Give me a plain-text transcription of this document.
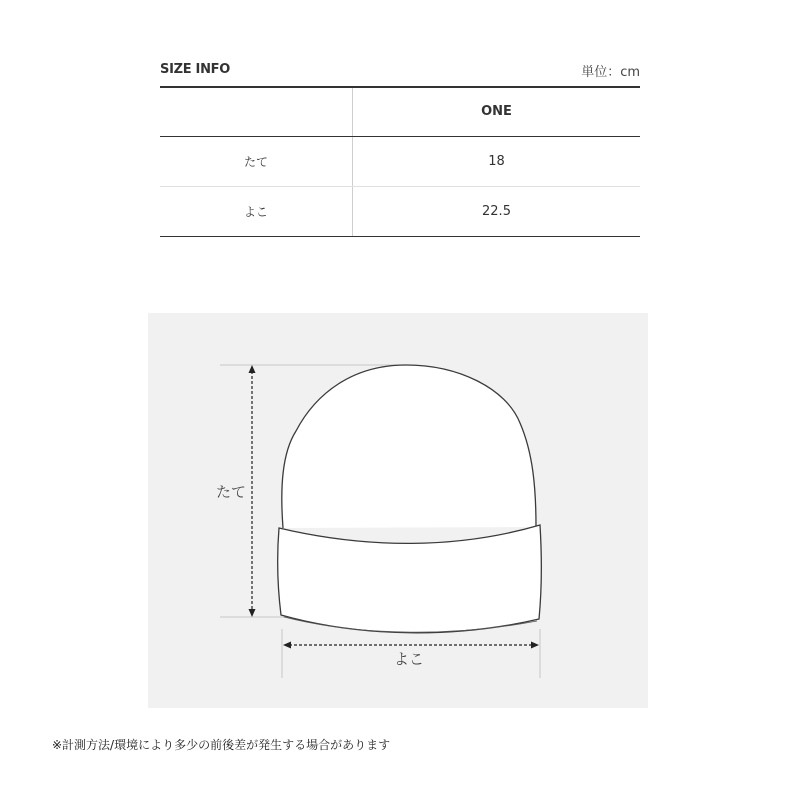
SIZE INFO	単位：cm
	ONE
たて	18
よこ	22.5
たて
よこ
※計測方法/環境により多少の前後差が発生する場合があります
